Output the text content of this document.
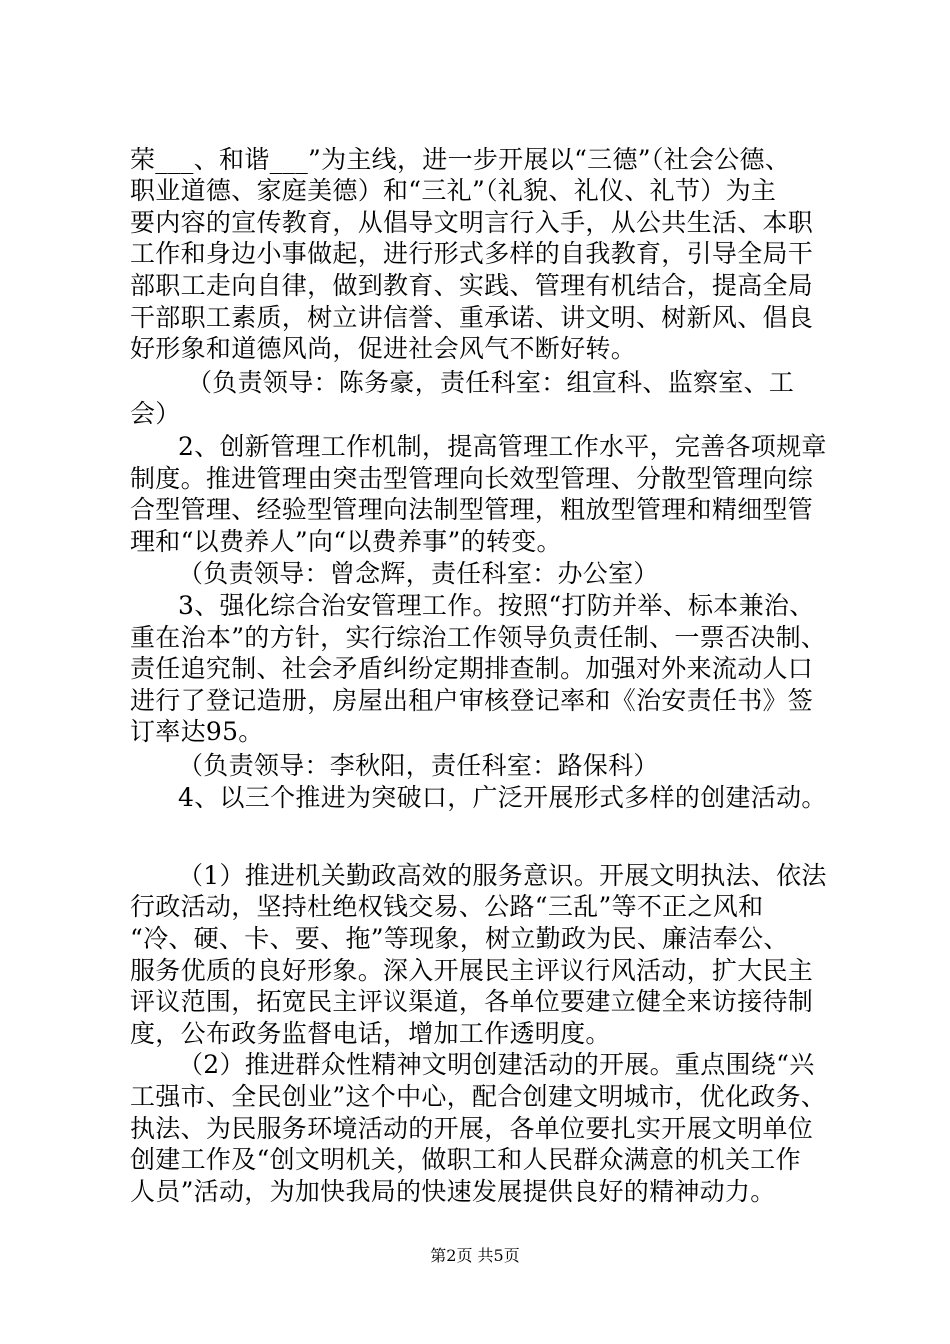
荣___、和谐___”为主线，进一步开展以“三德”（社会公德、
职业道德、家庭美德）和“三礼”（礼貌、礼仪、礼节）为主
要内容的宣传教育，从倡导文明言行入手，从公共生活、本职
工作和身边小事做起，进行形式多样的自我教育，引导全局干
部职工走向自律，做到教育、实践、管理有机结合，提高全局
干部职工素质，树立讲信誉、重承诺、讲文明、树新风、倡良
好形象和道德风尚，促进社会风气不断好转。
（负责领导：陈务豪，责任科室：组宣科、监察室、工
会）
2、创新管理工作机制，提高管理工作水平，完善各项规章
制度。推进管理由突击型管理向长效型管理、分散型管理向综
合型管理、经验型管理向法制型管理，粗放型管理和精细型管
理和“以费养人”向“以费养事”的转变。
（负责领导：曾念辉，责任科室：办公室）
3、强化综合治安管理工作。按照“打防并举、标本兼治、
重在治本”的方针，实行综治工作领导负责任制、一票否决制、
责任追究制、社会矛盾纠纷定期排查制。加强对外来流动人口
进行了登记造册，房屋出租户审核登记率和《治安责任书》签
订率达95。
（负责领导：李秋阳，责任科室：路保科）
4、以三个推进为突破口，广泛开展形式多样的创建活动。
（1）推进机关勤政高效的服务意识。开展文明执法、依法
行政活动，坚持杜绝权钱交易、公路“三乱”等不正之风和
“冷、硬、卡、要、拖”等现象，树立勤政为民、廉洁奉公、
服务优质的良好形象。深入开展民主评议行风活动，扩大民主
评议范围，拓宽民主评议渠道，各单位要建立健全来访接待制
度，公布政务监督电话，增加工作透明度。
（2）推进群众性精神文明创建活动的开展。重点围绕“兴
工强市、全民创业”这个中心，配合创建文明城市，优化政务、
执法、为民服务环境活动的开展，各单位要扎实开展文明单位
创建工作及“创文明机关，做职工和人民群众满意的机关工作
人员”活动，为加快我局的快速发展提供良好的精神动力。
第2页 共5页
